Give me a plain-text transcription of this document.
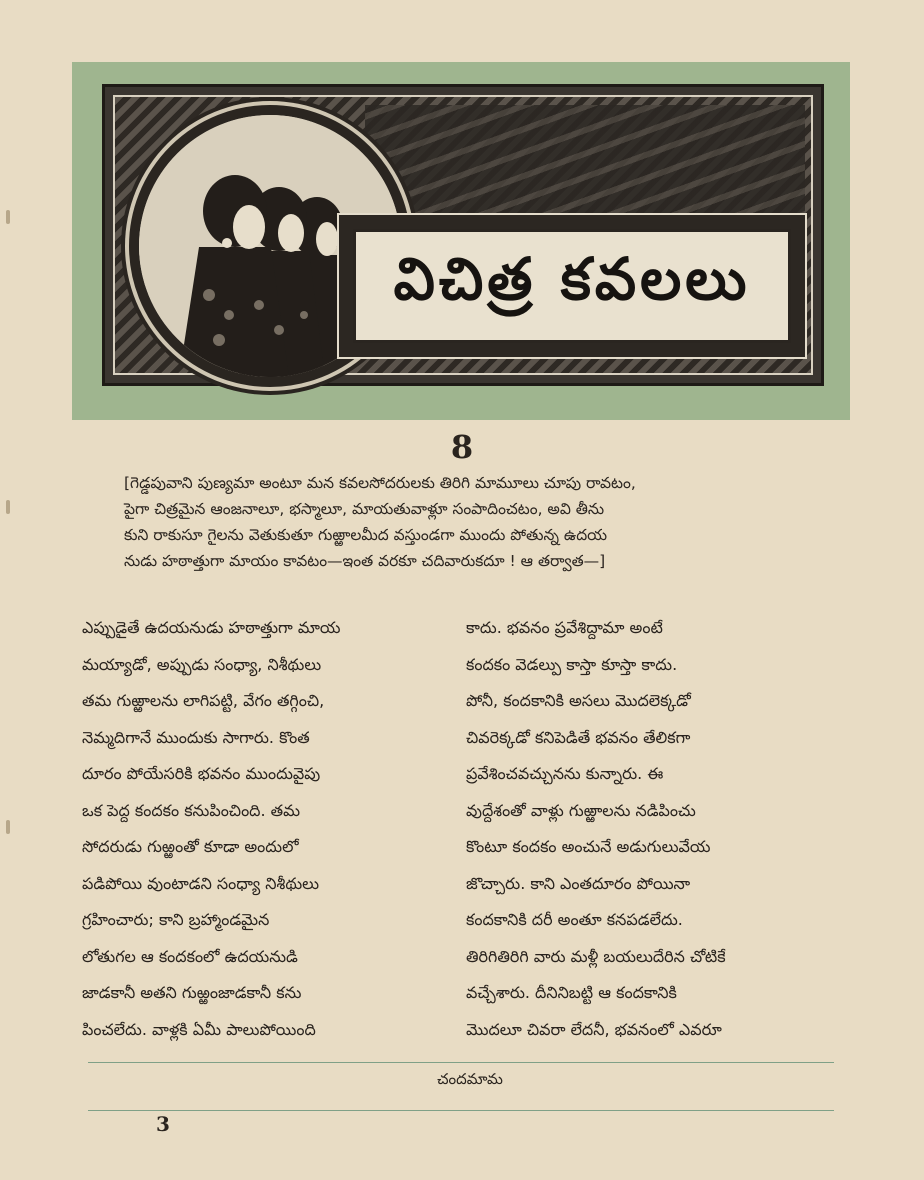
విచిత్ర కవలలు
8

[గెడ్డపువాని పుణ్యమా అంటూ మన కవలసోదరులకు తిరిగి మామూలు చూపు రావటం,

పైగా చిత్రమైన ఆంజనాలూ, భస్మాలూ, మాయతువాళ్లూ సంపాదించటం, అవి తీను

కుని రాకుసూ గైలను వెతుకుతూ గుఱ్ఱాలమీద వస్తుండగా ముందు పోతున్న ఉదయ

నుడు హఠాత్తుగా మాయం కావటం—ఇంత వరకూ చదివారుకదూ ! ఆ తర్వాత—]

ఎప్పుడైతే ఉదయనుడు హఠాత్తుగా మాయ

మయ్యాడో, అప్పుడు సంధ్యా, నిశీథులు

తమ గుఱ్ఱాలను లాగిపట్టి, వేగం తగ్గించి,

నెమ్మదిగానే ముందుకు సాగారు. కొంత

దూరం పోయేసరికి భవనం ముందువైపు

ఒక పెద్ద కందకం కనుపించింది. తమ

సోదరుడు గుఱ్ఱంతో కూడా అందులో

పడిపోయి వుంటాడని సంధ్యా నిశీథులు

గ్రహించారు; కాని బ్రహ్మాండమైన

లోతుగల ఆ కందకంలో ఉదయనుడి

జాడకానీ అతని గుఱ్ఱంజాడకానీ కను

పించలేదు. వాళ్లకి ఏమీ పాలుపోయింది

కాదు. భవనం ప్రవేశిద్దామా అంటే

కందకం వెడల్పు కాస్తా కూస్తా కాదు.

పోనీ, కందకానికి అసలు మొదలెక్కడో

చివరెక్కడో కనిపెడితే భవనం తేలికగా

ప్రవేశించవచ్చునను కున్నారు. ఈ

వుద్దేశంతో వాళ్లు గుఱ్ఱాలను నడిపించు

కొంటూ కందకం అంచునే అడుగులువేయ

జొచ్చారు. కాని ఎంతదూరం పోయినా

కందకానికి దరీ అంతూ కనపడలేదు.

తిరిగితిరిగి వారు మళ్లీ బయలుదేరిన చోటికే

వచ్చేశారు. దీనినిబట్టి ఆ కందకానికి

మొదలూ చివరా లేదనీ, భవనంలో ఎవరూ

చందమామ
3
